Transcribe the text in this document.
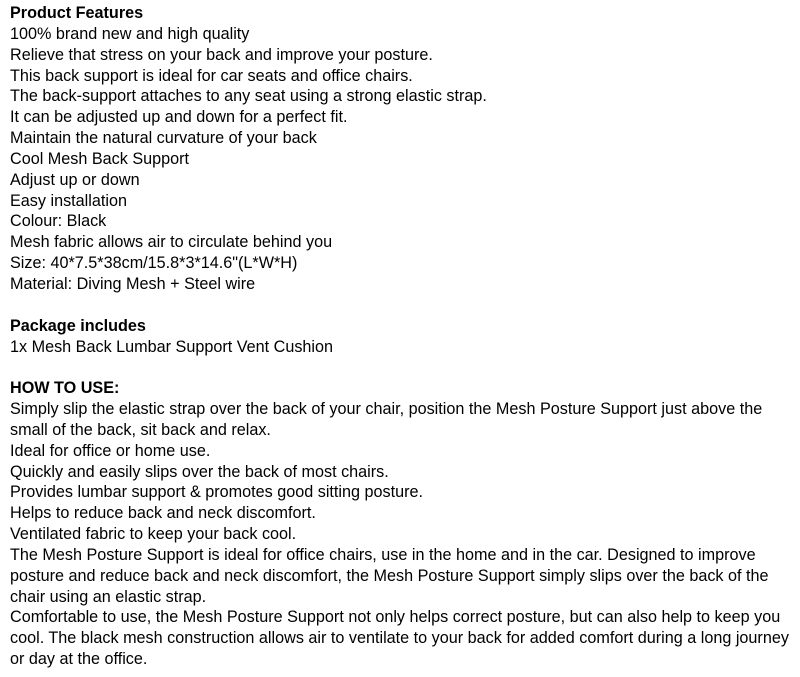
Product Features

100% brand new and high quality

Relieve that stress on your back and improve your posture.

This back support is ideal for car seats and office chairs.

The back-support attaches to any seat using a strong elastic strap.

It can be adjusted up and down for a perfect fit.

Maintain the natural curvature of your back

Cool Mesh Back Support

Adjust up or down

Easy installation

Colour: Black

Mesh fabric allows air to circulate behind you

Size: 40*7.5*38cm/15.8*3*14.6"(L*W*H)

Material: Diving Mesh + Steel wire

Package includes

1x Mesh Back Lumbar Support Vent Cushion

HOW TO USE:

Simply slip the elastic strap over the back of your chair, position the Mesh Posture Support just above the small of the back, sit back and relax.

Ideal for office or home use.

Quickly and easily slips over the back of most chairs.

Provides lumbar support & promotes good sitting posture.

Helps to reduce back and neck discomfort.

Ventilated fabric to keep your back cool.

The Mesh Posture Support is ideal for office chairs, use in the home and in the car. Designed to improve posture and reduce back and neck discomfort, the Mesh Posture Support simply slips over the back of the chair using an elastic strap.

Comfortable to use, the Mesh Posture Support not only helps correct posture, but can also help to keep you cool. The black mesh construction allows air to ventilate to your back for added comfort during a long journey or day at the office.
